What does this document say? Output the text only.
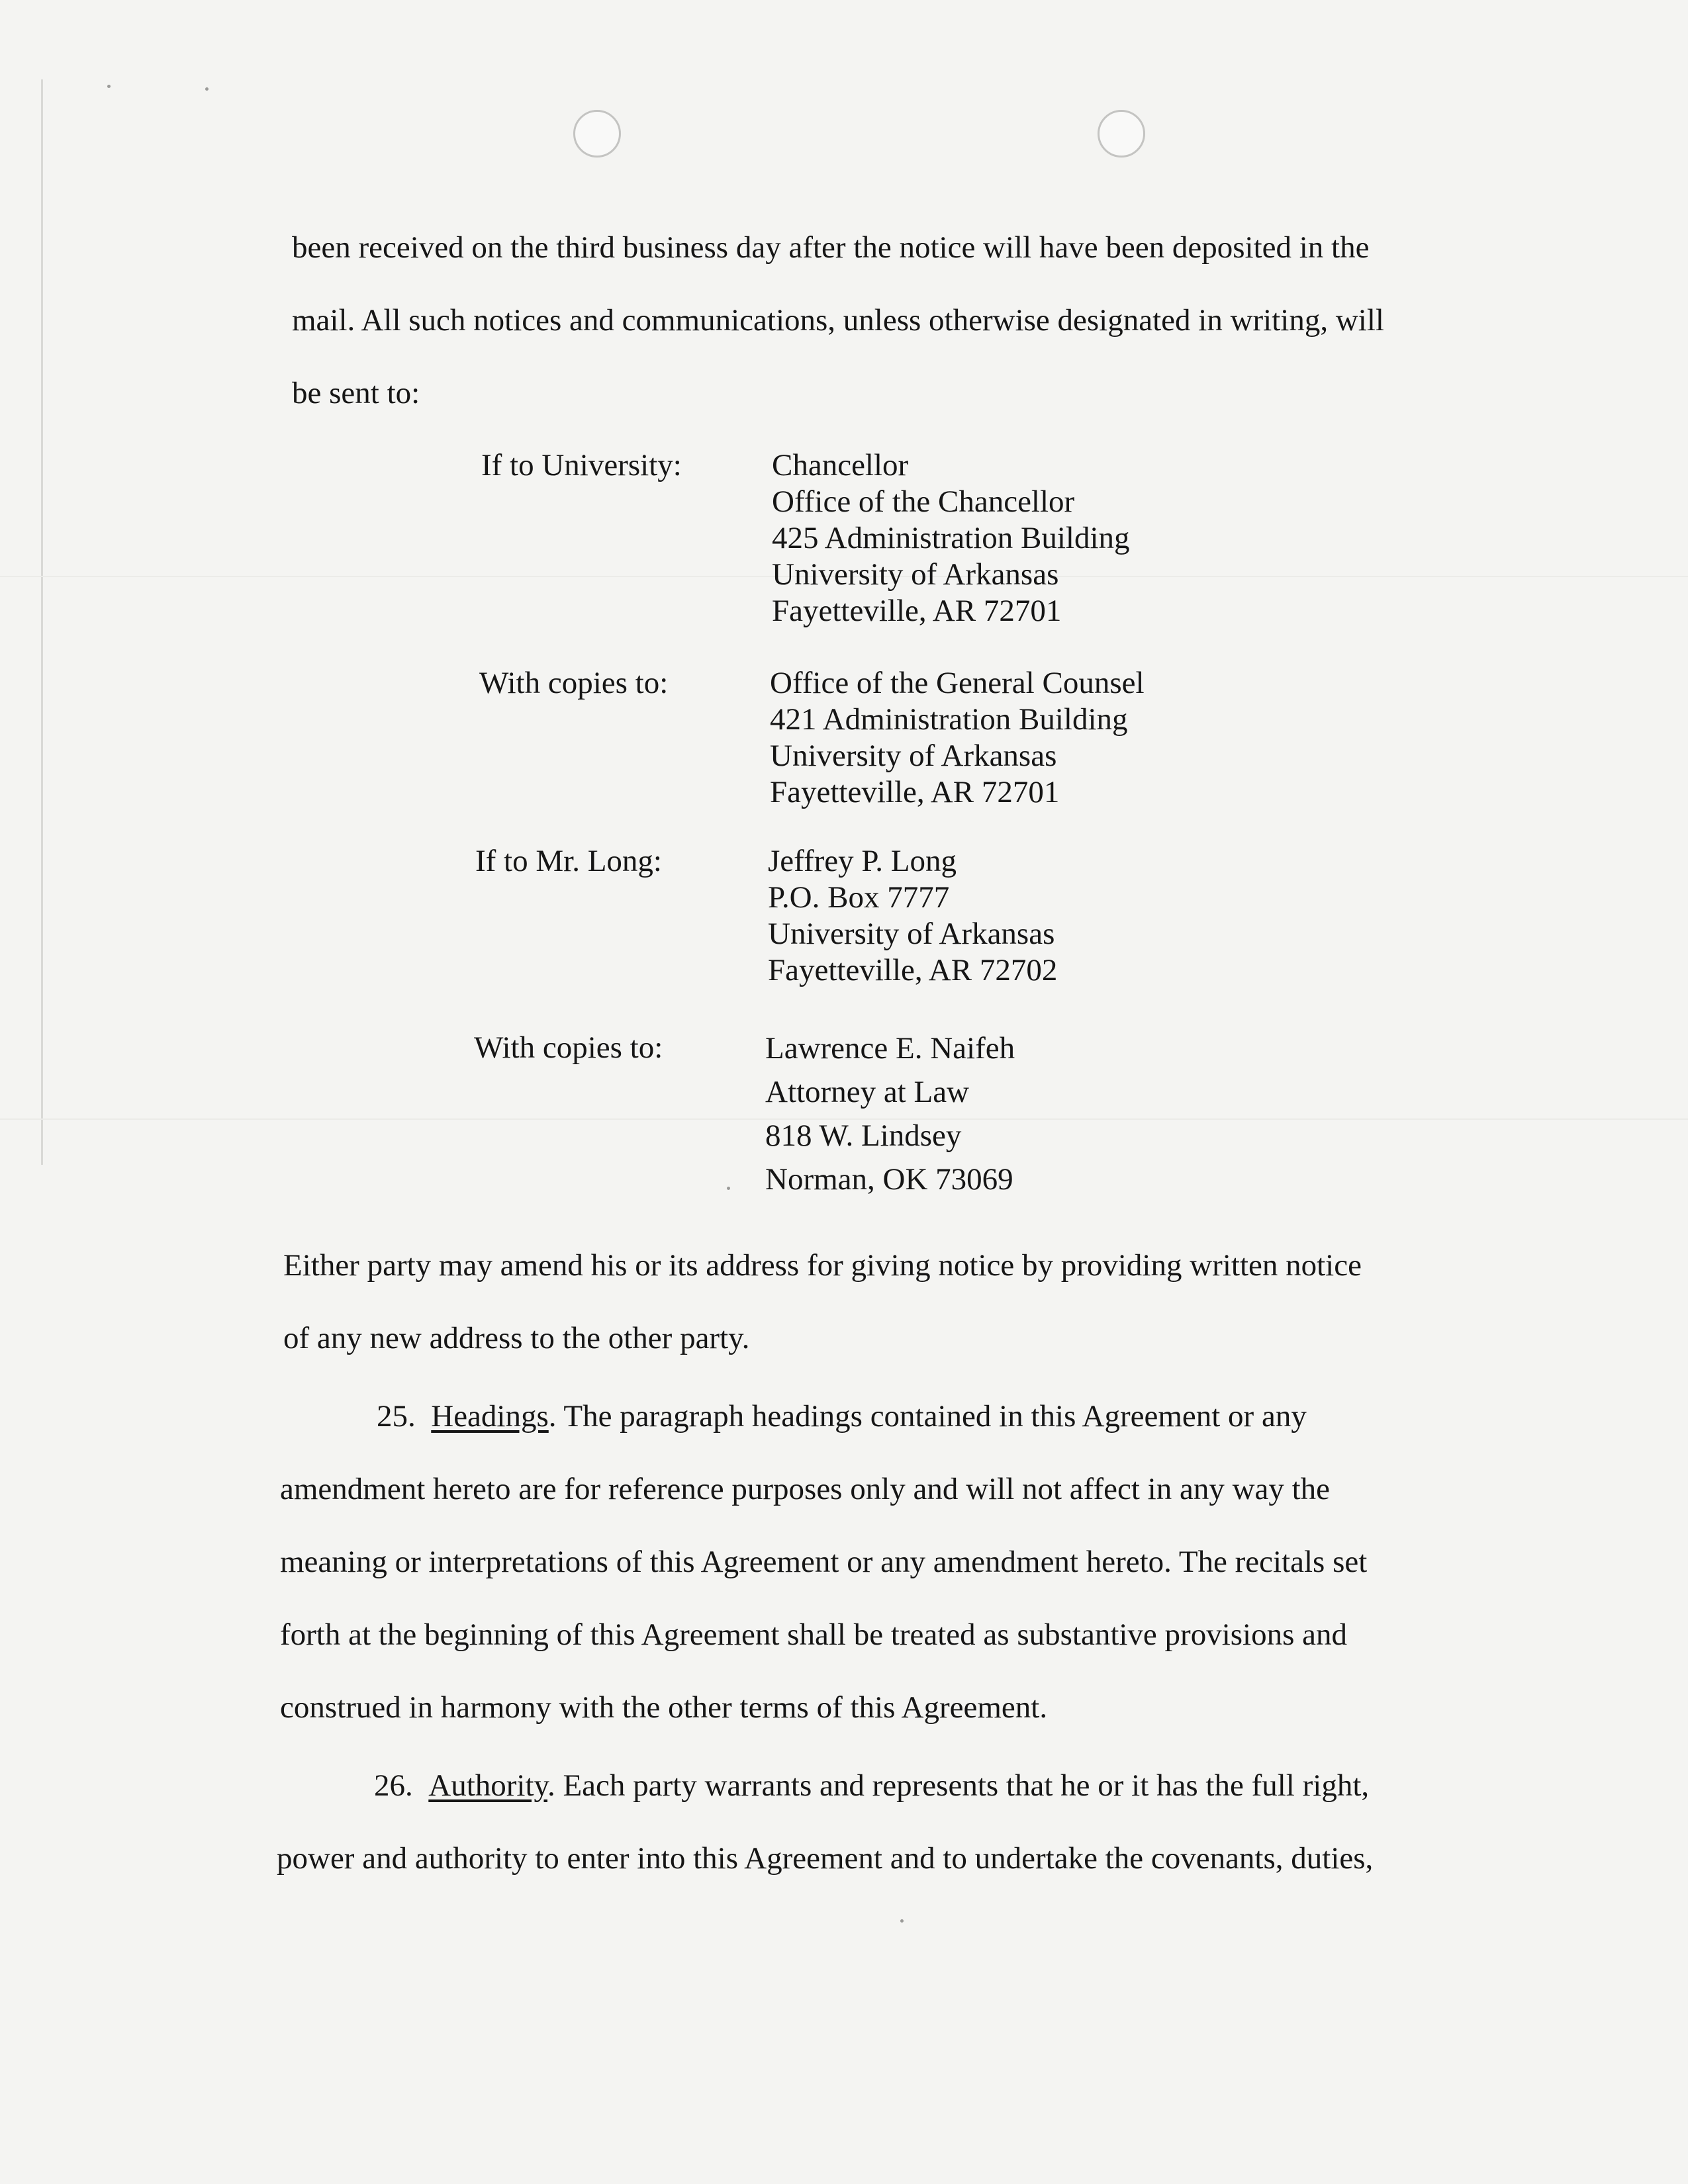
been received on the third business day after the notice will have been deposited in the
mail. All such notices and communications, unless otherwise designated in writing, will
be sent to:
If to University:	Chancellor
Office of the Chancellor
425 Administration Building
University of Arkansas
Fayetteville, AR 72701
With copies to:	Office of the General Counsel
421 Administration Building
University of Arkansas
Fayetteville, AR 72701
If to Mr. Long:	Jeffrey P. Long
P.O. Box 7777
University of Arkansas
Fayetteville, AR 72702
With copies to:	Lawrence E. Naifeh
Attorney at Law
818 W. Lindsey
Norman, OK 73069
Either party may amend his or its address for giving notice by providing written notice
of any new address to the other party.
25. Headings. The paragraph headings contained in this Agreement or any
amendment hereto are for reference purposes only and will not affect in any way the
meaning or interpretations of this Agreement or any amendment hereto. The recitals set
forth at the beginning of this Agreement shall be treated as substantive provisions and
construed in harmony with the other terms of this Agreement.
26. Authority. Each party warrants and represents that he or it has the full right,
power and authority to enter into this Agreement and to undertake the covenants, duties,
